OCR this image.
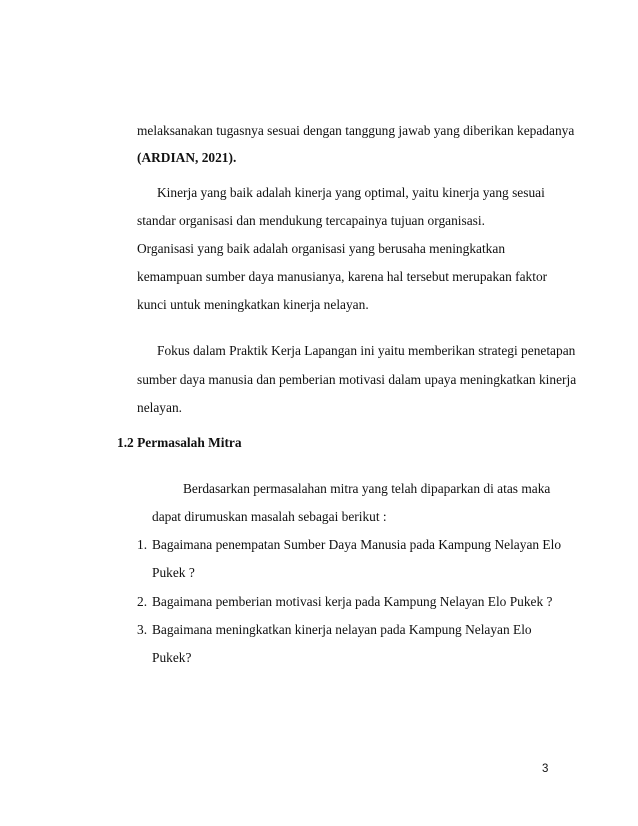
melaksanakan tugasnya sesuai dengan tanggung jawab yang diberikan kepadanya
(ARDIAN, 2021).
Kinerja yang baik adalah kinerja yang optimal, yaitu kinerja yang sesuai
standar organisasi dan mendukung tercapainya tujuan organisasi.
Organisasi yang baik adalah organisasi yang berusaha meningkatkan
kemampuan sumber daya manusianya, karena hal tersebut merupakan faktor
kunci untuk meningkatkan kinerja nelayan.
Fokus dalam Praktik Kerja Lapangan ini yaitu memberikan strategi penetapan
sumber daya manusia dan pemberian motivasi dalam upaya meningkatkan kinerja
nelayan.
1.2 Permasalah Mitra
Berdasarkan permasalahan mitra yang telah dipaparkan di atas maka
dapat dirumuskan masalah sebagai berikut :
1. Bagaimana penempatan Sumber Daya Manusia pada Kampung Nelayan Elo
Pukek ?
2. Bagaimana pemberian motivasi kerja pada Kampung Nelayan Elo Pukek ?
3. Bagaimana meningkatkan kinerja nelayan pada Kampung Nelayan Elo
Pukek?
3
